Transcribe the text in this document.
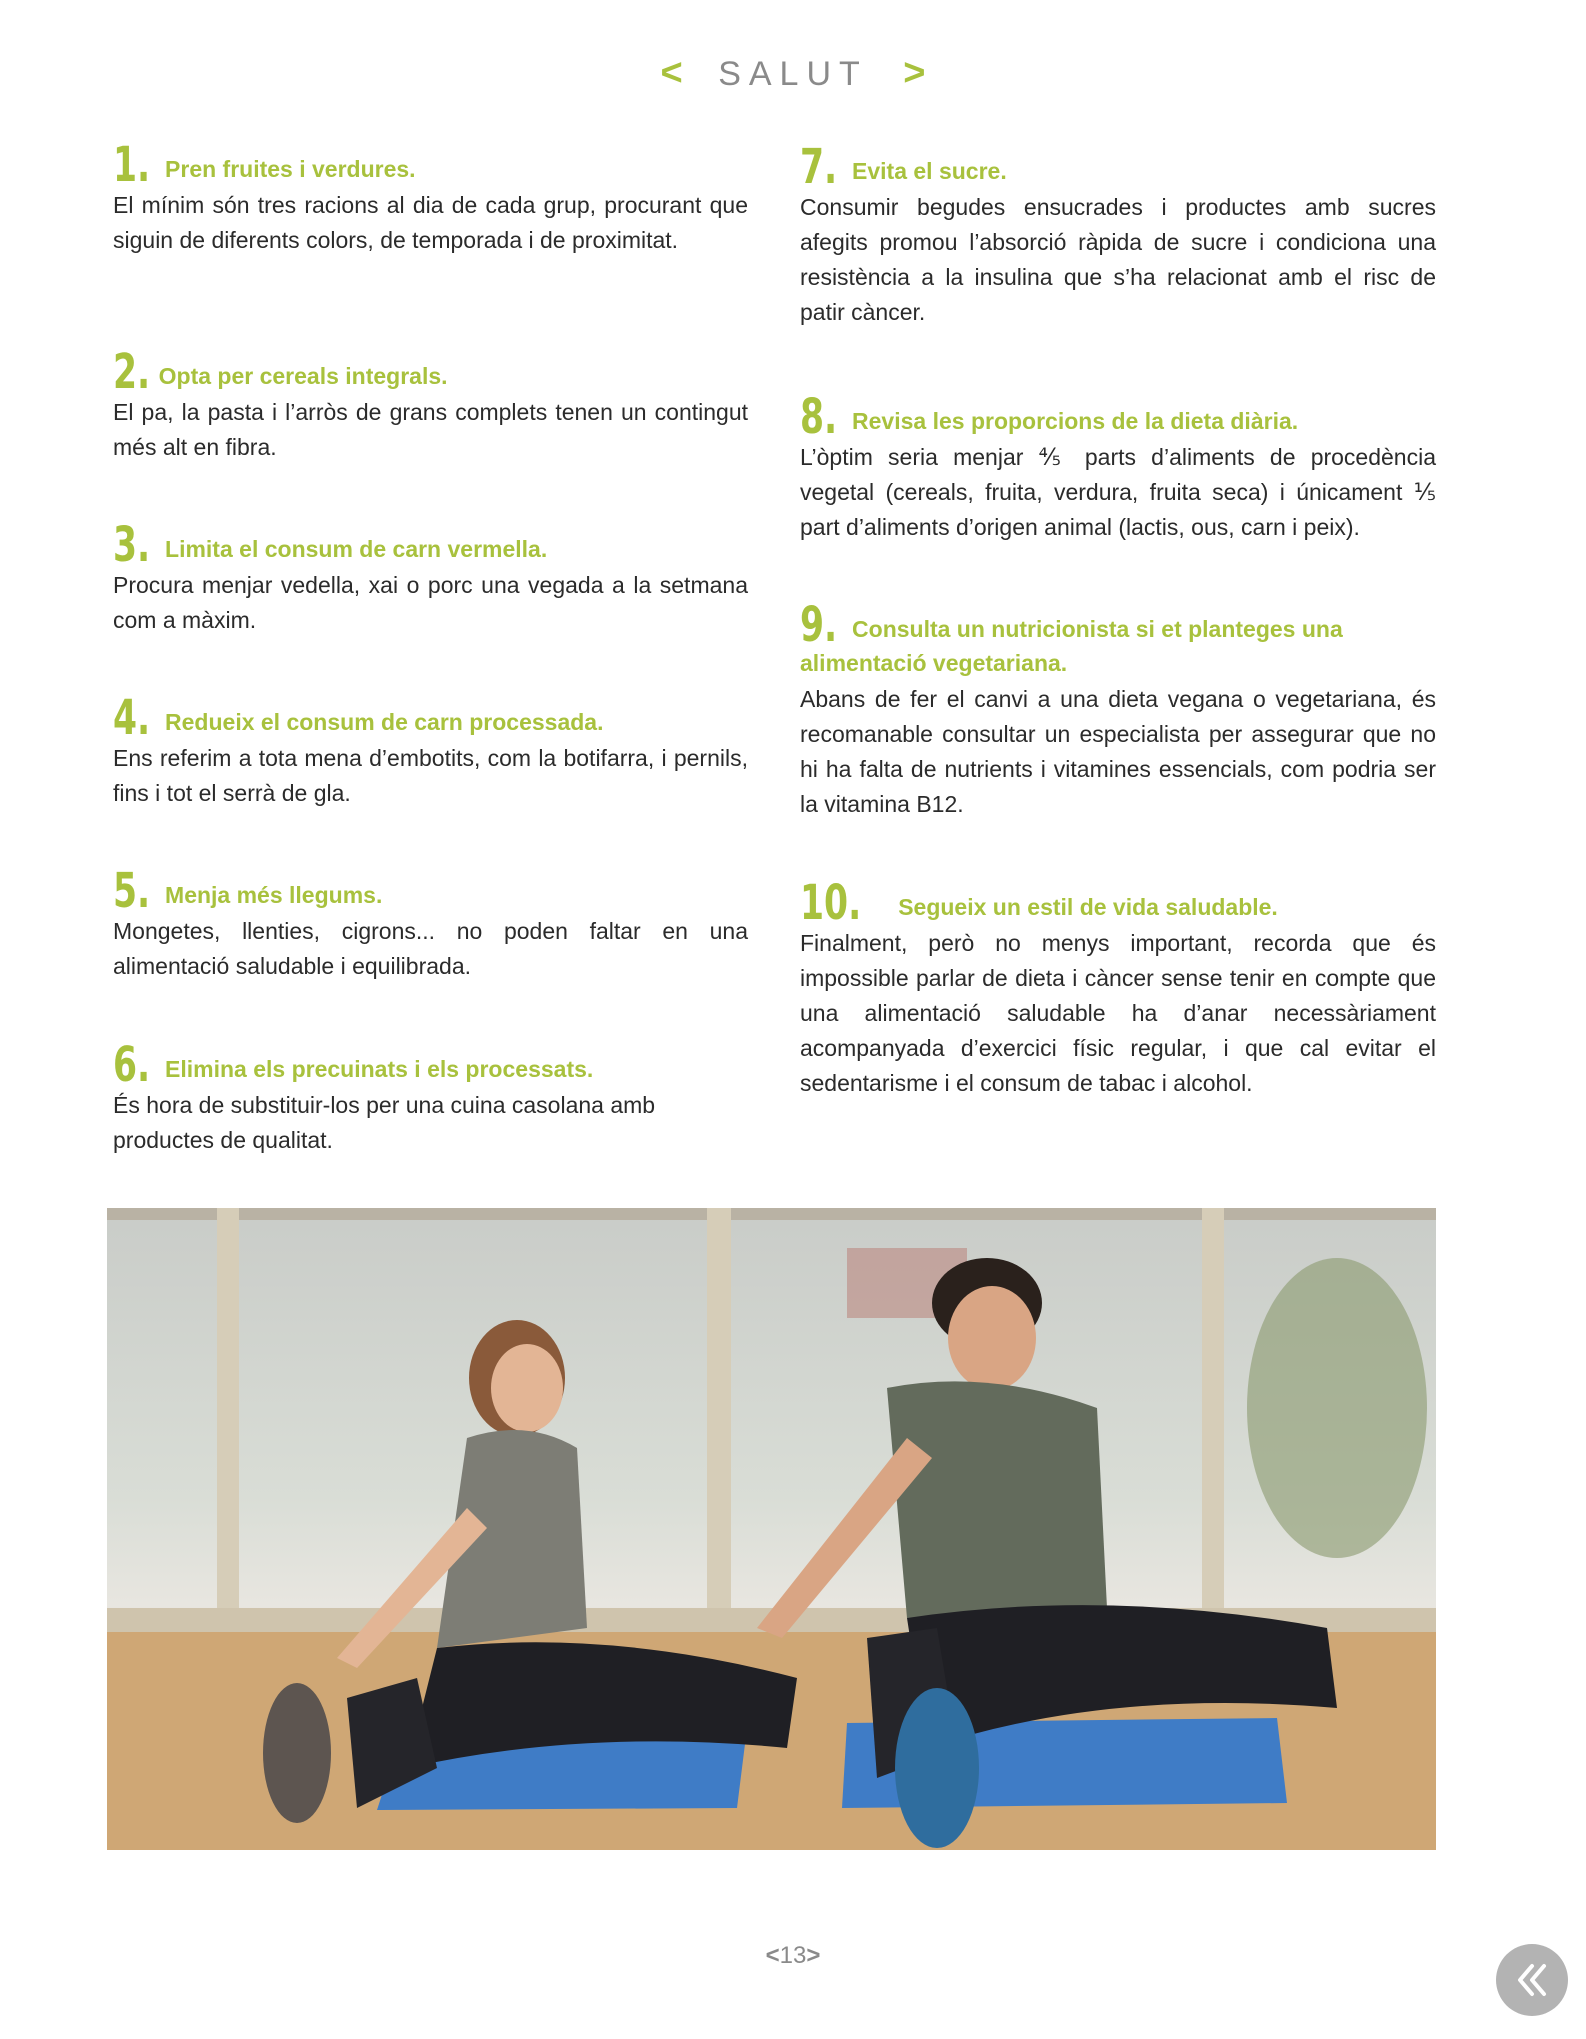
< SALUT >
1. Pren fruites i verdures.

El mínim són tres racions al dia de cada grup, procurant que siguin de diferents colors, de temporada i de proximitat.

2. Opta per cereals integrals.

El pa, la pasta i l’arròs de grans complets tenen un contingut més alt en fibra.

3. Limita el consum de carn vermella.

Procura menjar vedella, xai o porc una vegada a la setmana com a màxim.

4. Redueix el consum de carn processada.

Ens referim a tota mena d’embotits, com la botifarra, i pernils, fins i tot el serrà de gla.

5. Menja més llegums.

Mongetes, llenties, cigrons... no poden faltar en una alimentació saludable i equilibrada.

6. Elimina els precuinats i els processats.

És hora de substituir-los per una cuina casolana amb productes de qualitat.

7. Evita el sucre.

Consumir begudes ensucrades i productes amb sucres afegits promou l’absorció ràpida de sucre i condiciona una resistència a la insulina que s’ha relacionat amb el risc de patir càncer.

8. Revisa les proporcions de la dieta diària.

L’òptim seria menjar ⅘ parts d’aliments de procedència vegetal (cereals, fruita, verdura, fruita seca) i únicament ⅕ part d’aliments d’origen animal (lactis, ous, carn i peix).

9. Consulta un nutricionista si et planteges una alimentació vegetariana.

Abans de fer el canvi a una dieta vegana o vegetariana, és recomanable consultar un especialista per assegurar que no hi ha falta de nutrients i vitamines essencials, com podria ser la vitamina B12.

10. Segueix un estil de vida saludable.

Finalment, però no menys important, recorda que és impossible parlar de dieta i càncer sense tenir en compte que una alimentació saludable ha d’anar necessàriament acompanyada d’exercici físic regular, i que cal evitar el sedentarisme i el consum de tabac i alcohol.

<13>
